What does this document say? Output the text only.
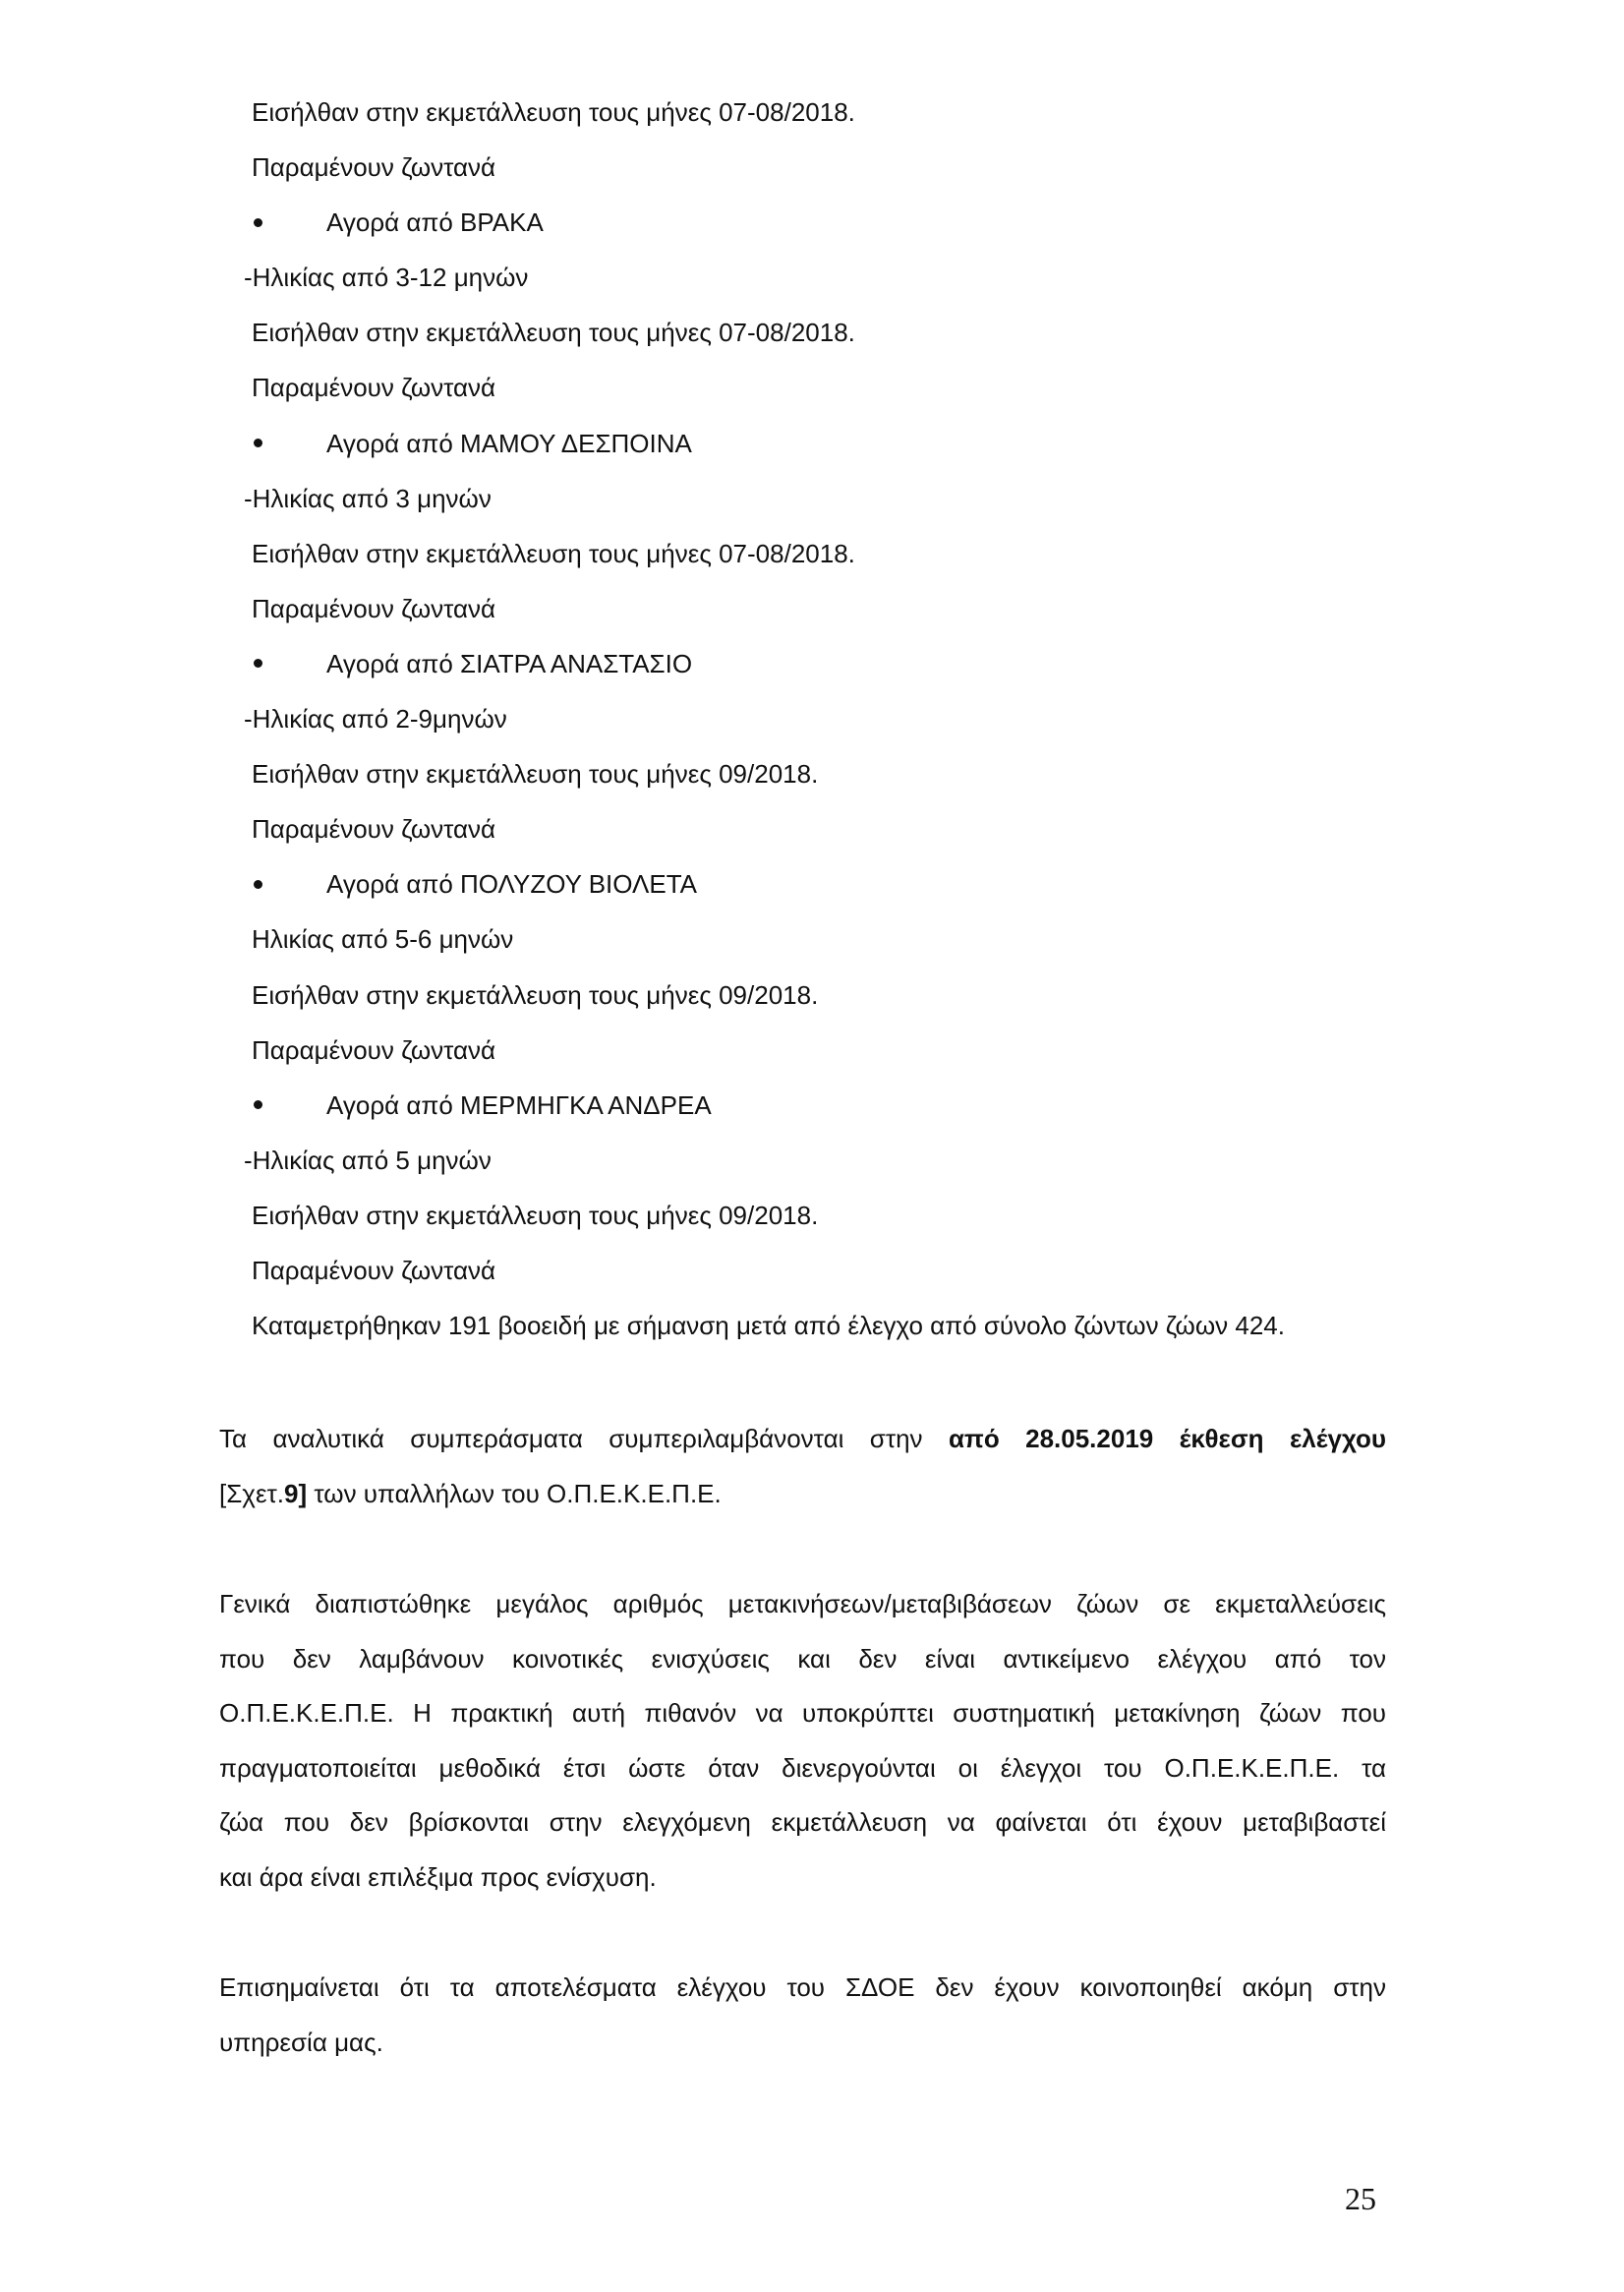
Εισήλθαν στην εκμετάλλευση τους μήνες 07-08/2018.
Παραμένουν ζωντανά
Αγορά από ΒΡΑΚΑ
-Ηλικίας από 3-12 μηνών
Εισήλθαν στην εκμετάλλευση τους μήνες 07-08/2018.
Παραμένουν ζωντανά
Αγορά από ΜΑΜΟΥ ΔΕΣΠΟΙΝΑ
-Ηλικίας από 3 μηνών
Εισήλθαν στην εκμετάλλευση τους μήνες 07-08/2018.
Παραμένουν ζωντανά
Αγορά από ΣΙΑΤΡΑ ΑΝΑΣΤΑΣΙΟ
-Ηλικίας από 2-9μηνών
Εισήλθαν στην εκμετάλλευση τους μήνες 09/2018.
Παραμένουν ζωντανά
Αγορά από ΠΟΛΥΖΟΥ ΒΙΟΛΕΤΑ
Ηλικίας από 5-6 μηνών
Εισήλθαν στην εκμετάλλευση τους μήνες 09/2018.
Παραμένουν ζωντανά
Αγορά από ΜΕΡΜΗΓΚΑ ΑΝΔΡΕΑ
-Ηλικίας από 5 μηνών
Εισήλθαν στην εκμετάλλευση τους μήνες 09/2018.
Παραμένουν ζωντανά
Καταμετρήθηκαν 191 βοοειδή με σήμανση μετά από έλεγχο από σύνολο ζώντων ζώων 424.
Τα αναλυτικά συμπεράσματα συμπεριλαμβάνονται στην από 28.05.2019 έκθεση ελέγχου
[Σχετ.9] των υπαλλήλων του Ο.Π.Ε.Κ.Ε.Π.Ε.
Γενικά διαπιστώθηκε μεγάλος αριθμός μετακινήσεων/μεταβιβάσεων ζώων σε εκμεταλλεύσεις
που δεν λαμβάνουν κοινοτικές ενισχύσεις και δεν είναι αντικείμενο ελέγχου από τον
Ο.Π.Ε.Κ.Ε.Π.Ε. Η πρακτική αυτή πιθανόν να υποκρύπτει συστηματική μετακίνηση ζώων που
πραγματοποιείται μεθοδικά έτσι ώστε όταν διενεργούνται οι έλεγχοι του Ο.Π.Ε.Κ.Ε.Π.Ε. τα
ζώα που δεν βρίσκονται στην ελεγχόμενη εκμετάλλευση να φαίνεται ότι έχουν μεταβιβαστεί
και άρα είναι επιλέξιμα προς ενίσχυση.
Επισημαίνεται ότι τα αποτελέσματα ελέγχου του ΣΔΟΕ δεν έχουν κοινοποιηθεί ακόμη στην
υπηρεσία μας.
25
